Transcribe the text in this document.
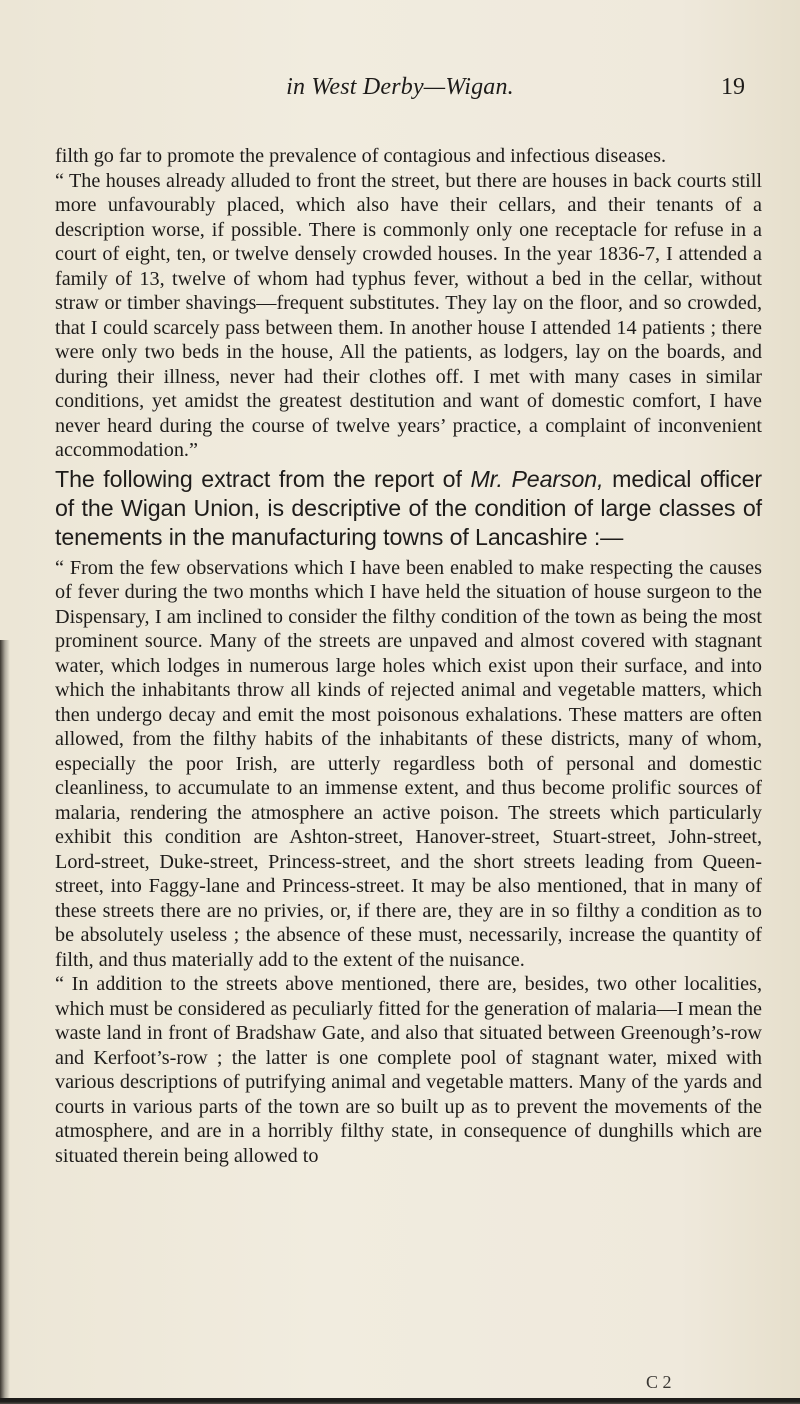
in West Derby—Wigan.	19

filth go far to promote the prevalence of contagious and infectious diseases.

“ The houses already alluded to front the street, but there are houses in back courts still more unfavourably placed, which also have their cellars, and their tenants of a description worse, if possible. There is commonly only one receptacle for refuse in a court of eight, ten, or twelve densely crowded houses. In the year 1836-7, I attended a family of 13, twelve of whom had typhus fever, without a bed in the cellar, without straw or timber shavings—frequent substitutes. They lay on the floor, and so crowded, that I could scarcely pass between them. In another house I attended 14 patients ; there were only two beds in the house, All the patients, as lodgers, lay on the boards, and during their illness, never had their clothes off. I met with many cases in similar conditions, yet amidst the greatest destitution and want of domestic comfort, I have never heard during the course of twelve years’ practice, a complaint of inconvenient accommodation.”

The following extract from the report of Mr. Pearson, medical officer of the Wigan Union, is descriptive of the condition of large classes of tenements in the manufacturing towns of Lancashire :—

“ From the few observations which I have been enabled to make respecting the causes of fever during the two months which I have held the situation of house surgeon to the Dispensary, I am inclined to consider the filthy condition of the town as being the most prominent source. Many of the streets are unpaved and almost covered with stagnant water, which lodges in numerous large holes which exist upon their surface, and into which the inhabitants throw all kinds of rejected animal and vegetable matters, which then undergo decay and emit the most poisonous exhalations. These matters are often allowed, from the filthy habits of the inhabitants of these districts, many of whom, especially the poor Irish, are utterly regardless both of personal and domestic cleanliness, to accumulate to an immense extent, and thus become prolific sources of malaria, rendering the atmosphere an active poison. The streets which particularly exhibit this condition are Ashton-street, Hanover-street, Stuart-street, John-street, Lord-street, Duke-street, Princess-street, and the short streets leading from Queen-street, into Faggy-lane and Princess-street. It may be also mentioned, that in many of these streets there are no privies, or, if there are, they are in so filthy a condition as to be absolutely useless ; the absence of these must, necessarily, increase the quantity of filth, and thus materially add to the extent of the nuisance.

“ In addition to the streets above mentioned, there are, besides, two other localities, which must be considered as peculiarly fitted for the generation of malaria—I mean the waste land in front of Bradshaw Gate, and also that situated between Greenough’s-row and Kerfoot’s-row ; the latter is one complete pool of stagnant water, mixed with various descriptions of putrifying animal and vegetable matters. Many of the yards and courts in various parts of the town are so built up as to prevent the movements of the atmosphere, and are in a horribly filthy state, in consequence of dunghills which are situated therein being allowed to

C 2
